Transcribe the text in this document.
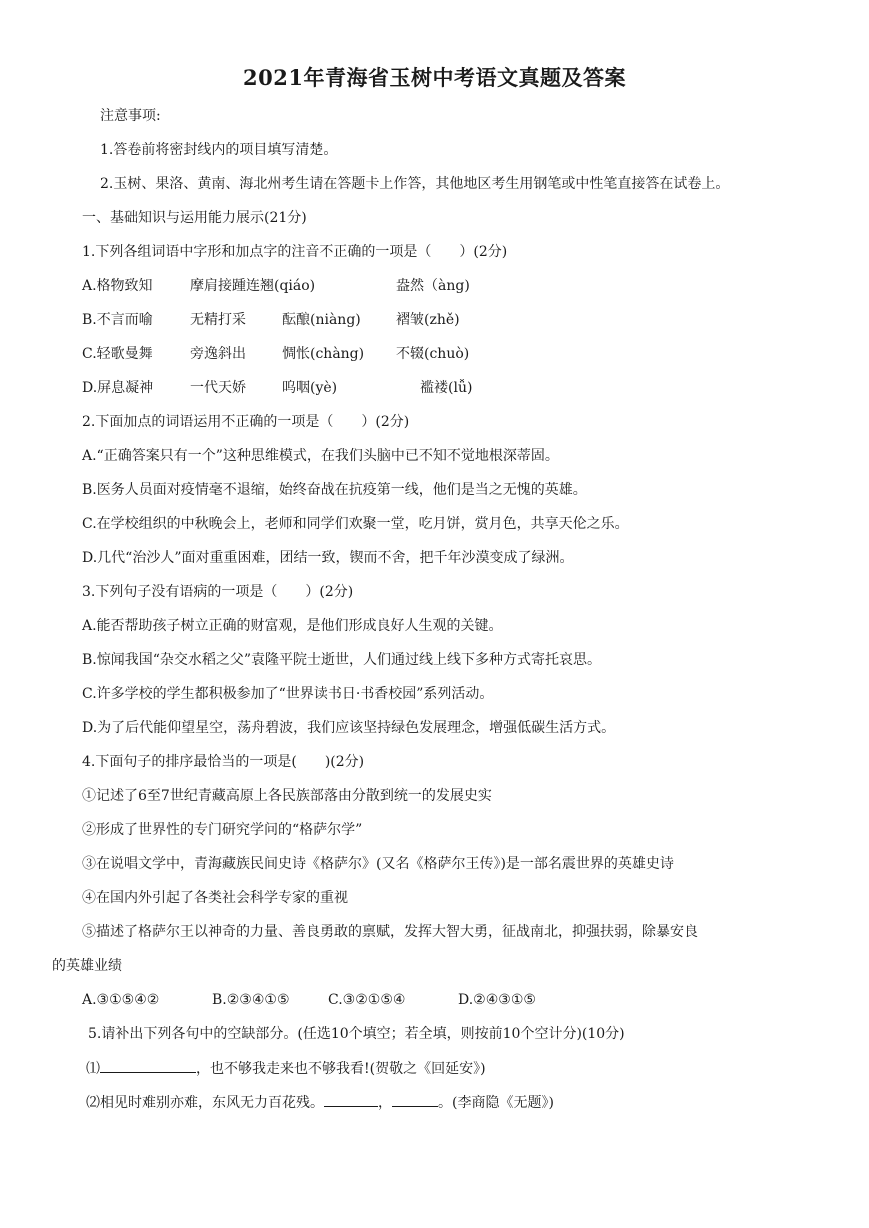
2021年青海省玉树中考语文真题及答案
注意事项:
1.答卷前将密封线内的项目填写清楚。
2.玉树、果洛、黄南、海北州考生请在答题卡上作答，其他地区考生用钢笔或中性笔直接答在试卷上。
一、基础知识与运用能力展示(21分)
1.下列各组词语中字形和加点字的注音不正确的一项是（　　）(2分)
A.格物致知	摩肩接踵连翘(qiáo)	盎然（àng)
B.不言而喻	无精打采	酝酿(niàng)	褶皱(zhě)
C.轻歌曼舞	旁逸斜出	惆怅(chàng) 不辍(chuò)
D.屏息凝神	一代天娇	呜咽(yè)	褴褛(lǚ)
2.下面加点的词语运用不正确的一项是（　　）(2分)
A.“正确答案只有一个”这种思维模式，在我们头脑中已不知不觉地根深蒂固。
B.医务人员面对疫情毫不退缩，始终奋战在抗疫第一线，他们是当之无愧的英雄。
C.在学校组织的中秋晚会上，老师和同学们欢聚一堂，吃月饼，赏月色，共享天伦之乐。
D.几代“治沙人”面对重重困难，团结一致，锲而不舍，把千年沙漠变成了绿洲。
3.下列句子没有语病的一项是（　　）(2分)
A.能否帮助孩子树立正确的财富观，是他们形成良好人生观的关键。
B.惊闻我国“杂交水稻之父”袁隆平院士逝世，人们通过线上线下多种方式寄托哀思。
C.许多学校的学生都积极参加了“世界读书日·书香校园”系列活动。
D.为了后代能仰望星空，荡舟碧波，我们应该坚持绿色发展理念，增强低碳生活方式。
4.下面句子的排序最恰当的一项是(　　)(2分)
①记述了6至7世纪青藏高原上各民族部落由分散到统一的发展史实
②形成了世界性的专门研究学问的“格萨尔学”
③在说唱文学中，青海藏族民间史诗《格萨尔》(又名《格萨尔王传》)是一部名震世界的英雄史诗
④在国内外引起了各类社会科学专家的重视
⑤描述了格萨尔王以神奇的力量、善良勇敢的禀赋，发挥大智大勇，征战南北，抑强扶弱，除暴安良
的英雄业绩
A.③①⑤④②	B.②③④①⑤	C.③②①⑤④	D.②④③①⑤
5.请补出下列各句中的空缺部分。(任选10个填空；若全填，则按前10个空计分)(10分)
⑴	，也不够我走来也不够我看!(贺敬之《回延安》)
⑵相见时难别亦难，东风无力百花残。	，	。(李商隐《无题》)
